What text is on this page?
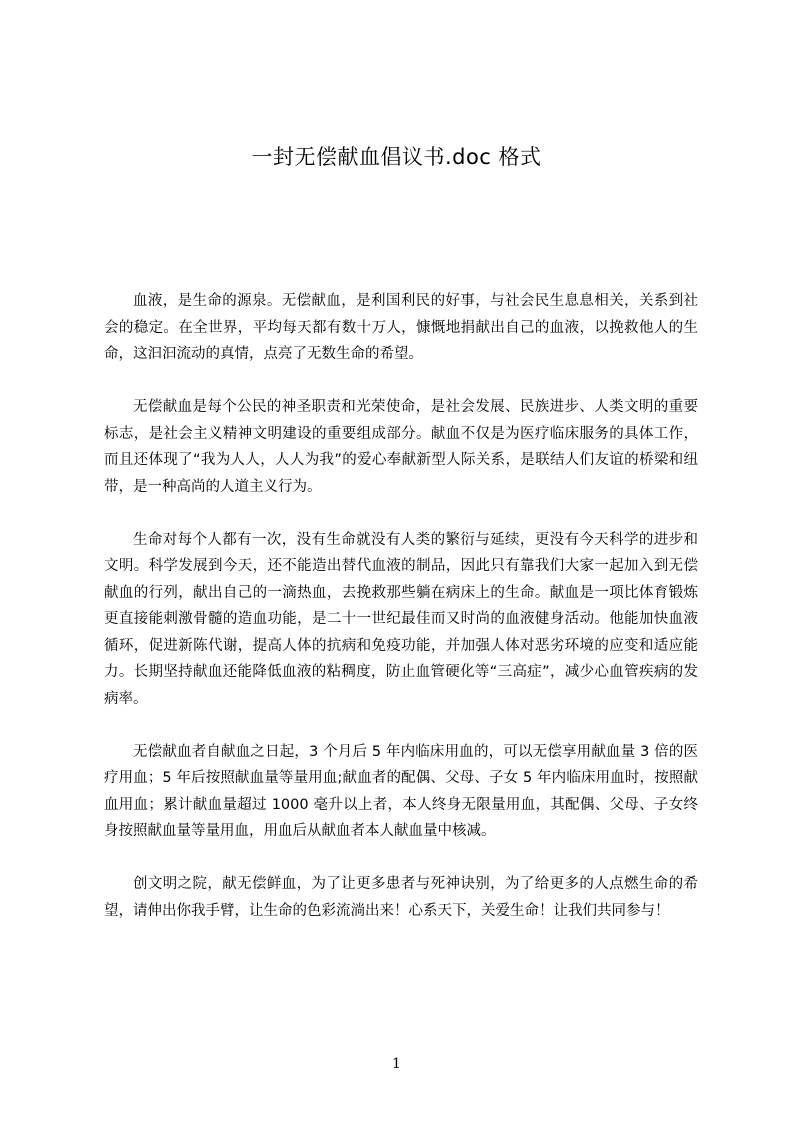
一封无偿献血倡议书.doc 格式

血液，是生命的源泉。无偿献血，是利国利民的好事，与社会民生息息相关，关系到社会的稳定。在全世界，平均每天都有数十万人，慷慨地捐献出自己的血液，以挽救他人的生命，这汩汩流动的真情，点亮了无数生命的希望。

无偿献血是每个公民的神圣职责和光荣使命，是社会发展、民族进步、人类文明的重要标志，是社会主义精神文明建设的重要组成部分。献血不仅是为医疗临床服务的具体工作，而且还体现了“我为人人，人人为我”的爱心奉献新型人际关系，是联结人们友谊的桥梁和纽带，是一种高尚的人道主义行为。

生命对每个人都有一次，没有生命就没有人类的繁衍与延续，更没有今天科学的进步和文明。科学发展到今天，还不能造出替代血液的制品，因此只有靠我们大家一起加入到无偿献血的行列，献出自己的一滴热血，去挽救那些躺在病床上的生命。献血是一项比体育锻炼更直接能刺激骨髓的造血功能，是二十一世纪最佳而又时尚的血液健身活动。他能加快血液循环，促进新陈代谢，提高人体的抗病和免疫功能，并加强人体对恶劣环境的应变和适应能力。长期坚持献血还能降低血液的粘稠度，防止血管硬化等“三高症”，减少心血管疾病的发病率。

无偿献血者自献血之日起，3 个月后 5 年内临床用血的，可以无偿享用献血量 3 倍的医疗用血；5 年后按照献血量等量用血;献血者的配偶、父母、子女 5 年内临床用血时，按照献血用血；累计献血量超过 1000 毫升以上者，本人终身无限量用血，其配偶、父母、子女终身按照献血量等量用血，用血后从献血者本人献血量中核减。

创文明之院，献无偿鲜血，为了让更多患者与死神诀别，为了给更多的人点燃生命的希望，请伸出你我手臂，让生命的色彩流淌出来！心系天下，关爱生命！让我们共同参与！

1
